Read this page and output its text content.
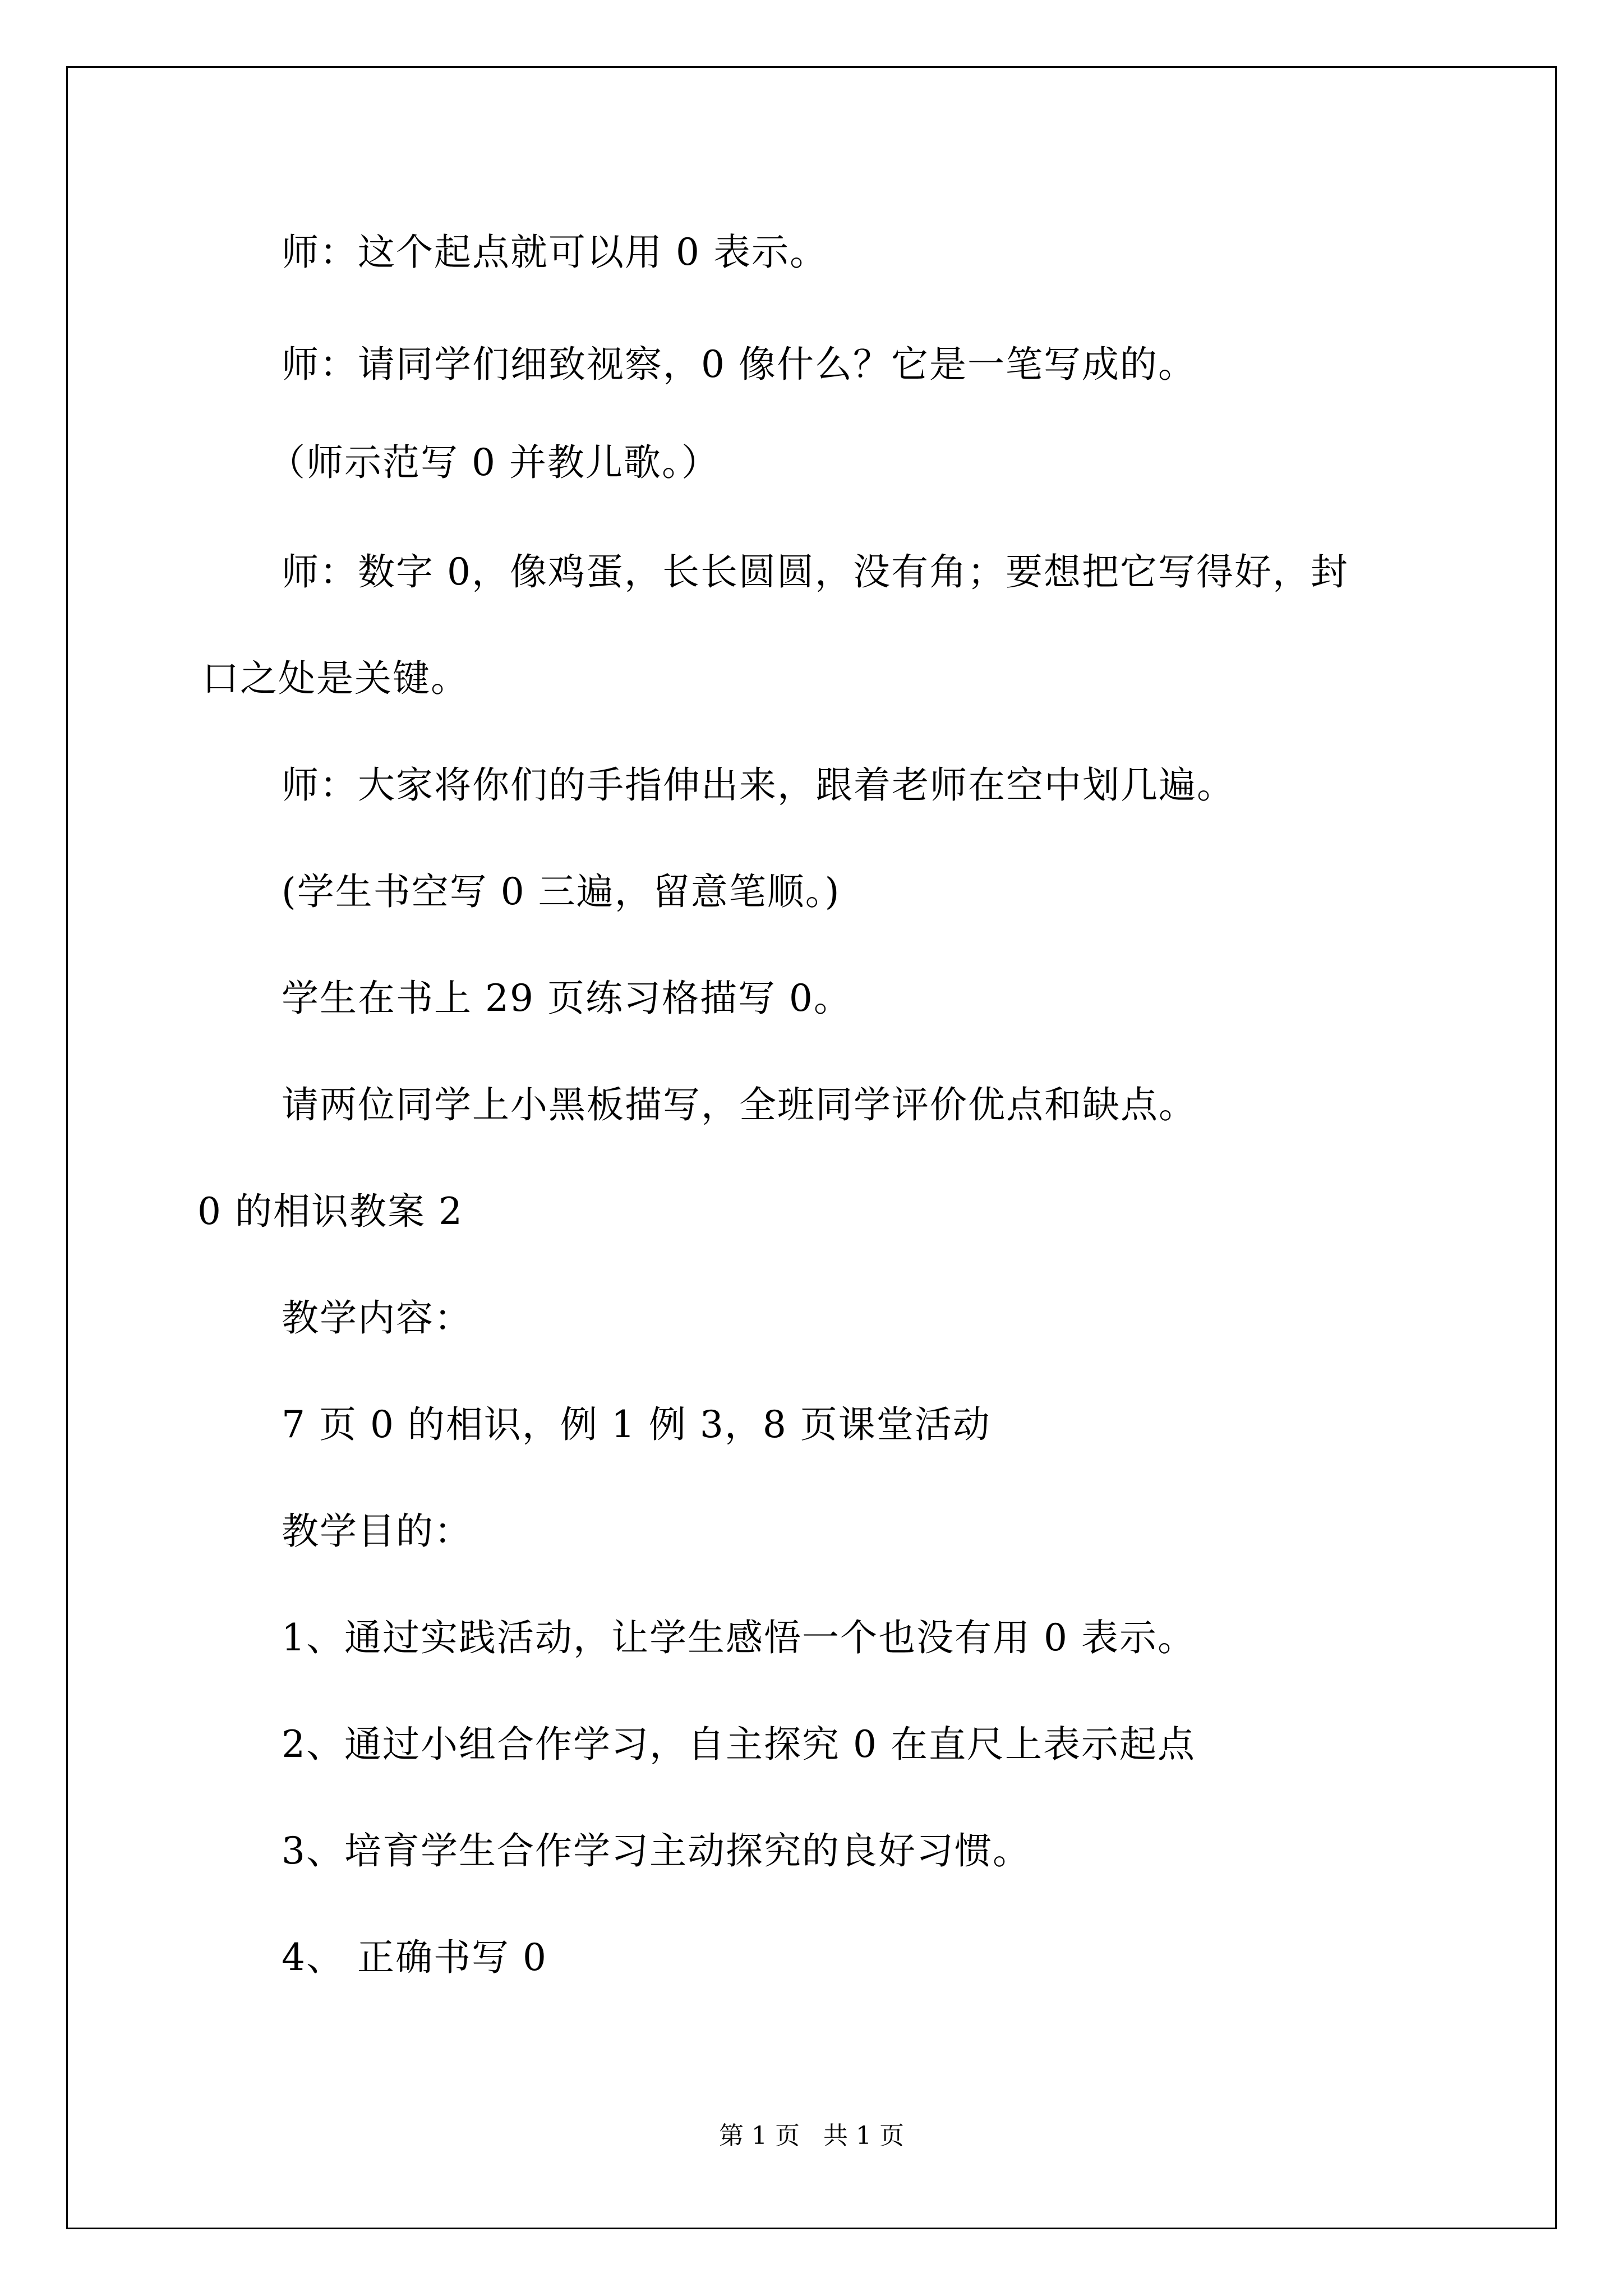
师：这个起点就可以用 0 表示。
师：请同学们细致视察，0 像什么？它是一笔写成的。
（师示范写 0 并教儿歌。）
师：数字 0，像鸡蛋，长长圆圆，没有角；要想把它写得好，封
口之处是关键。
师：大家将你们的手指伸出来，跟着老师在空中划几遍。
(学生书空写 0 三遍，留意笔顺。)
学生在书上 29 页练习格描写 0。
请两位同学上小黑板描写，全班同学评价优点和缺点。
0 的相识教案 2
教学内容：
7 页 0 的相识，例 1 例 3，8 页课堂活动
教学目的：
1、通过实践活动，让学生感悟一个也没有用 0 表示。
2、通过小组合作学习，自主探究 0 在直尺上表示起点
3、培育学生合作学习主动探究的良好习惯。
4、 正确书写 0
第 1 页   共 1 页
